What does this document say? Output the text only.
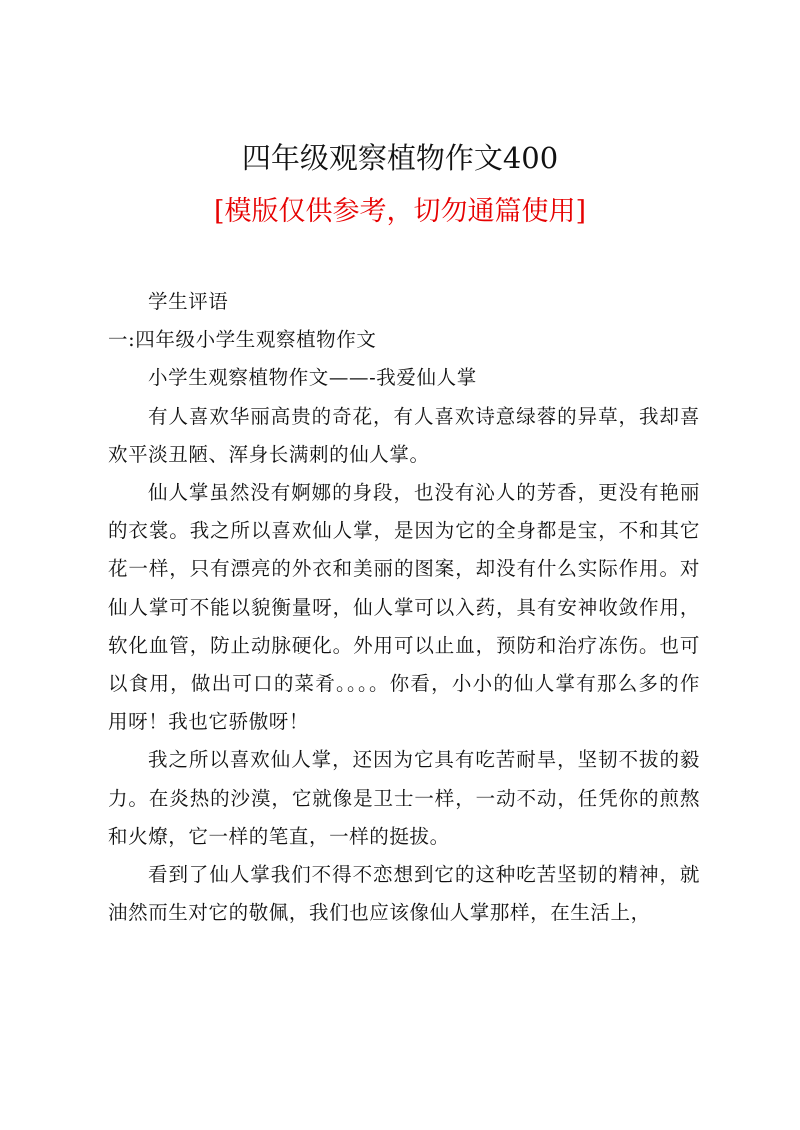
四年级观察植物作文400
[模版仅供参考，切勿通篇使用]

学生评语

一:四年级小学生观察植物作文

小学生观察植物作文——-我爱仙人掌

有人喜欢华丽高贵的奇花，有人喜欢诗意绿蓉的异草，我却喜欢平淡丑陋、浑身长满刺的仙人掌。

仙人掌虽然没有婀娜的身段，也没有沁人的芳香，更没有艳丽的衣裳。我之所以喜欢仙人掌，是因为它的全身都是宝，不和其它花一样，只有漂亮的外衣和美丽的图案，却没有什么实际作用。对仙人掌可不能以貌衡量呀，仙人掌可以入药，具有安神收敛作用，软化血管，防止动脉硬化。外用可以止血，预防和治疗冻伤。也可以食用，做出可口的菜肴。。。。你看，小小的仙人掌有那么多的作用呀！我也它骄傲呀！

我之所以喜欢仙人掌，还因为它具有吃苦耐旱，坚韧不拔的毅力。在炎热的沙漠，它就像是卫士一样，一动不动，任凭你的煎熬和火燎，它一样的笔直，一样的挺拔。

看到了仙人掌我们不得不恋想到它的这种吃苦坚韧的精神，就油然而生对它的敬佩，我们也应该像仙人掌那样，在生活上，
